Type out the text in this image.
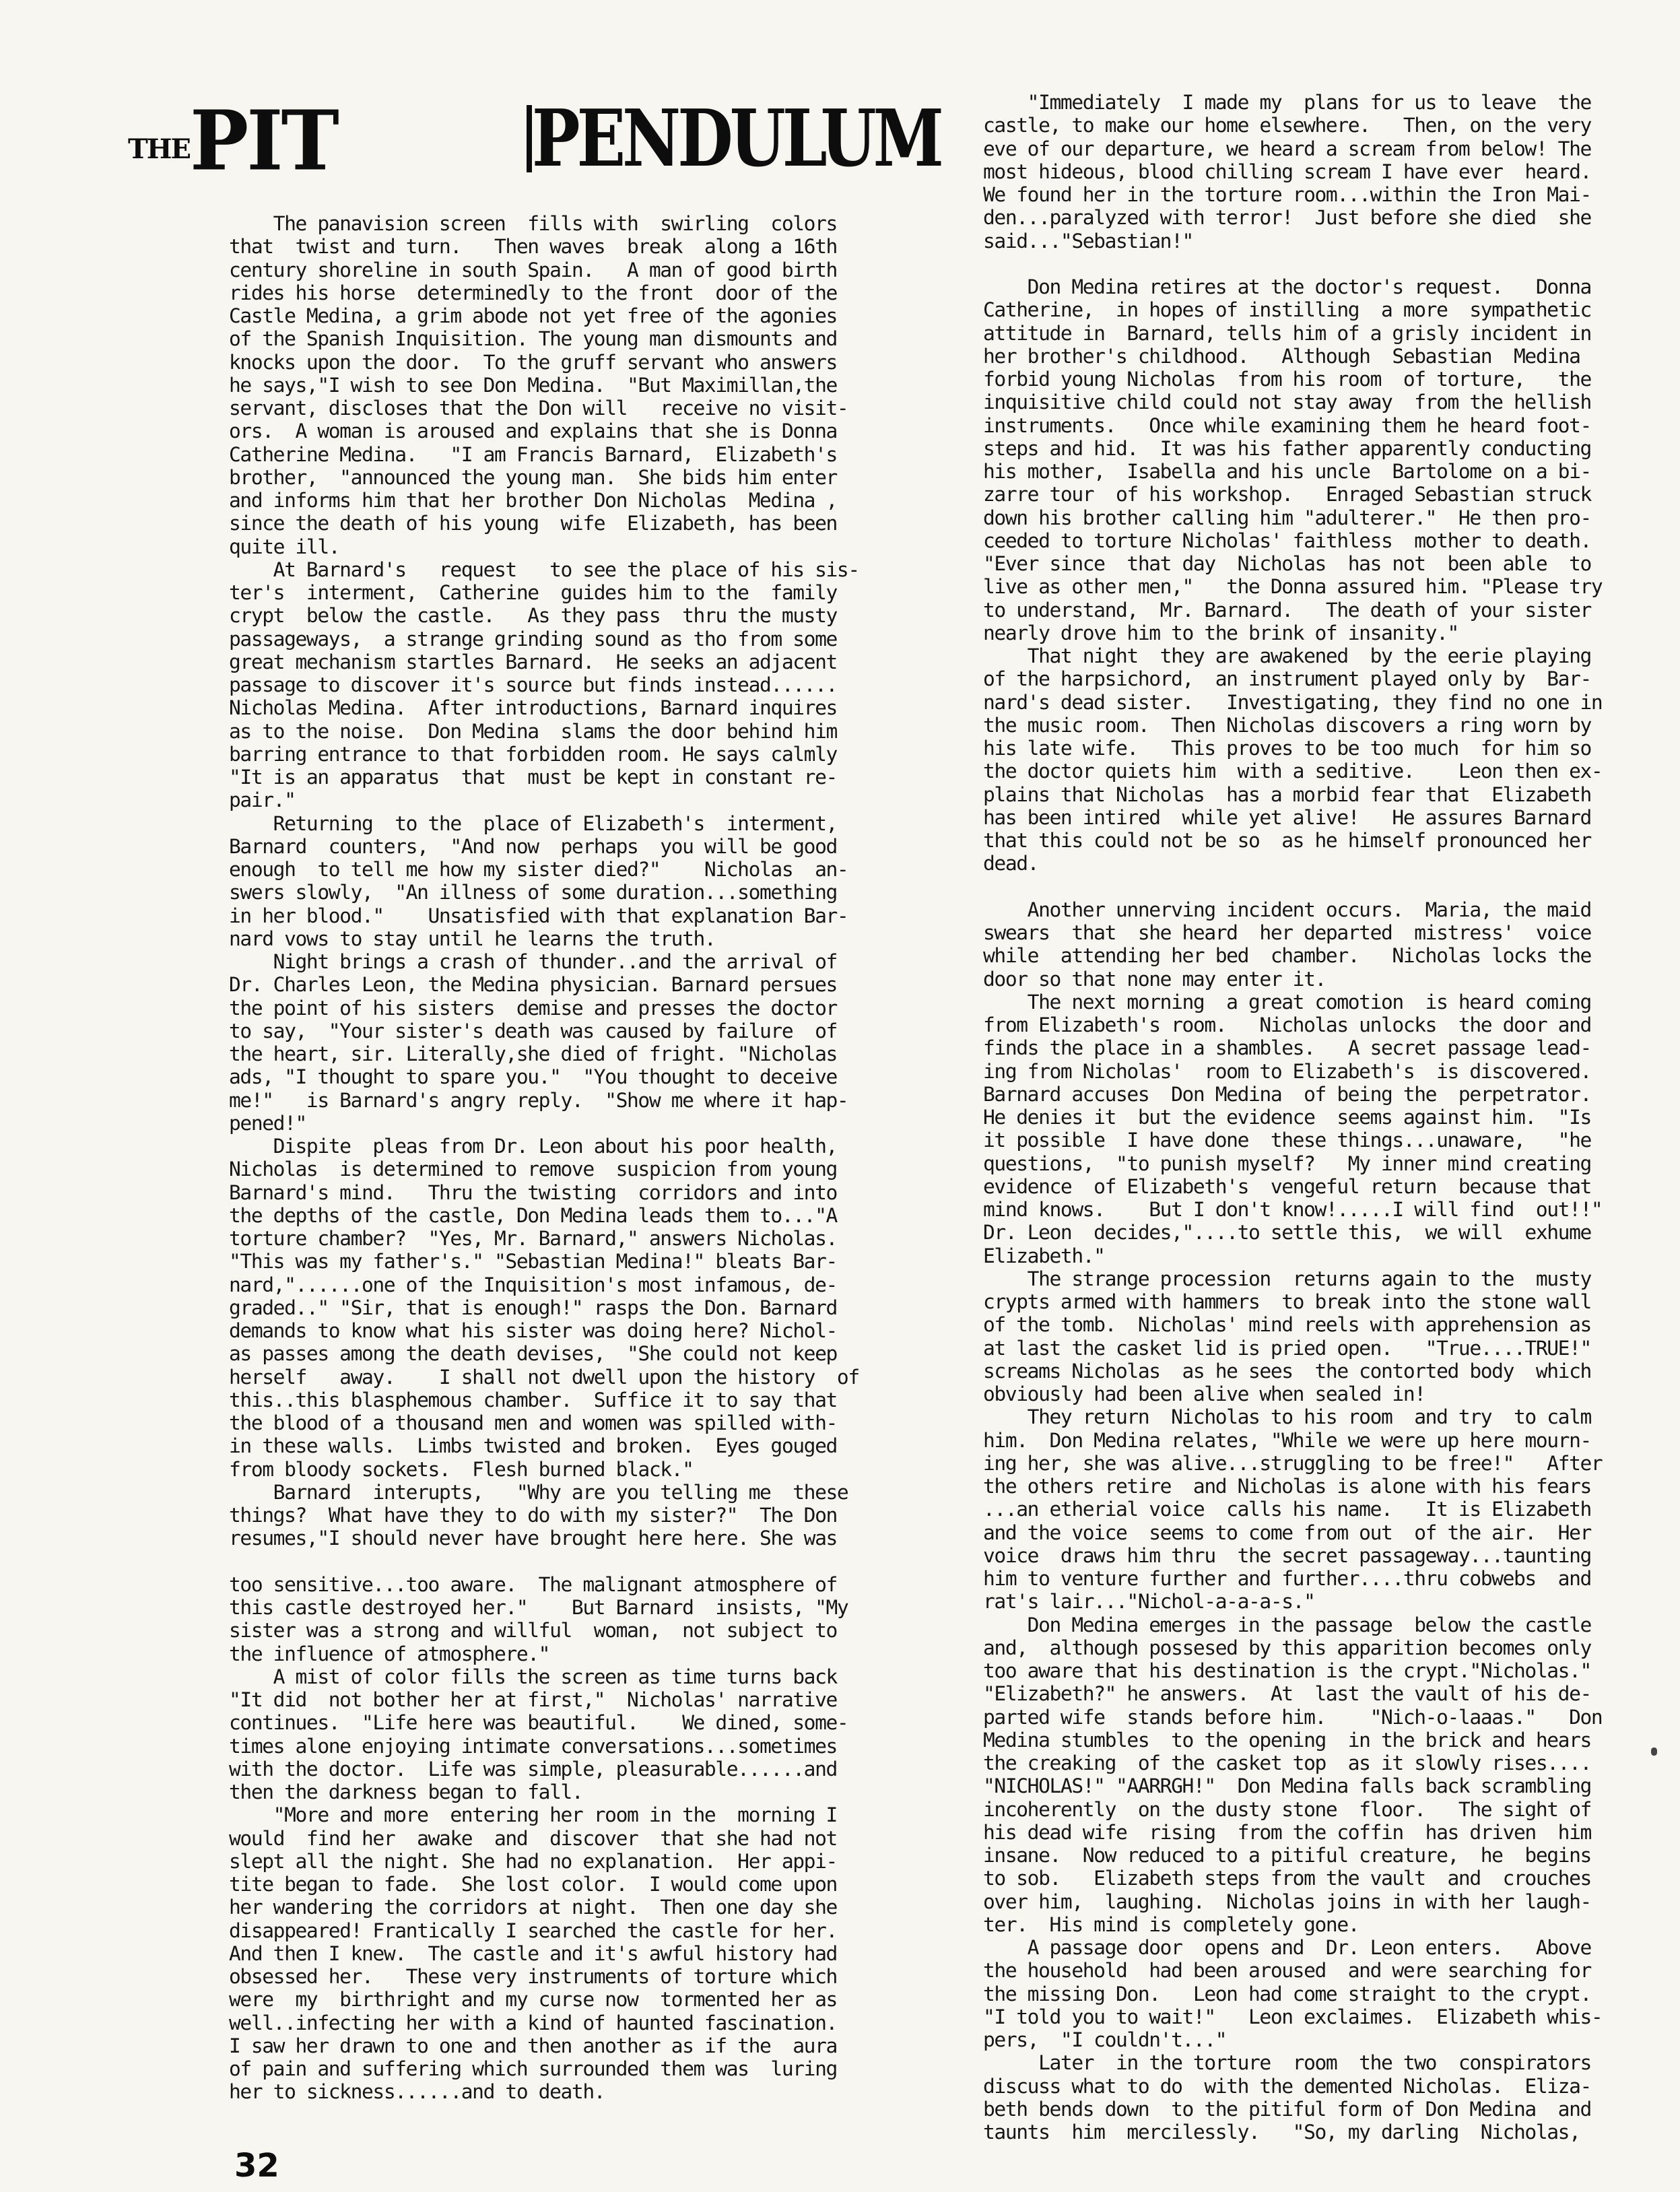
THE PIT PENDULUM
The panavision screen  fills with  swirling  colors
that  twist and turn.   Then waves  break  along a 16th
century shoreline in south Spain.   A man of good birth
rides his horse  determinedly to the front  door of the
Castle Medina, a grim abode not yet free of the agonies
of the Spanish Inquisition. The young man dismounts and
knocks upon the door.  To the gruff servant who answers
he says,"I wish to see Don Medina.  "But Maximillan,the
servant, discloses that the Don will   receive no visit-
ors.  A woman is aroused and explains that she is Donna
Catherine Medina.   "I am Francis Barnard,  Elizabeth's
brother,  "announced the young man.  She bids him enter
and informs him that her brother Don Nicholas  Medina ,
since the death of his young  wife  Elizabeth, has been
quite ill.
At Barnard's   request   to see the place of his sis-
ter's  interment,  Catherine  guides him to the  family
crypt  below the castle.   As they pass  thru the musty
passageways,  a strange grinding sound as tho from some
great mechanism startles Barnard.  He seeks an adjacent
passage to discover it's source but finds instead......
Nicholas Medina.  After introductions, Barnard inquires
as to the noise.  Don Medina  slams the door behind him
barring entrance to that forbidden room. He says calmly
"It is an apparatus  that  must be kept in constant re-
pair."
Returning  to the  place of Elizabeth's  interment,
Barnard  counters,  "And now  perhaps  you will be good
enough  to tell me how my sister died?"    Nicholas  an-
swers slowly,  "An illness of some duration...something
in her blood."    Unsatisfied with that explanation Bar-
nard vows to stay until he learns the truth.
Night brings a crash of thunder..and the arrival of
Dr. Charles Leon, the Medina physician. Barnard persues
the point of his sisters  demise and presses the doctor
to say,  "Your sister's death was caused by failure  of
the heart, sir. Literally,she died of fright. "Nicholas
ads, "I thought to spare you."  "You thought to deceive
me!"   is Barnard's angry reply.  "Show me where it hap-
pened!"
Dispite  pleas from Dr. Leon about his poor health,
Nicholas  is determined to remove  suspicion from young
Barnard's mind.   Thru the twisting  corridors and into
the depths of the castle, Don Medina leads them to..."A
torture chamber?  "Yes, Mr. Barnard," answers Nicholas.
"This was my father's." "Sebastian Medina!" bleats Bar-
nard,"......one of the Inquisition's most infamous, de-
graded.." "Sir, that is enough!" rasps the Don. Barnard
demands to know what his sister was doing here? Nichol-
as passes among the death devises,  "She could not keep
herself   away.    I shall not dwell upon the history  of
this..this blasphemous chamber.  Suffice it to say that
the blood of a thousand men and women was spilled with-
in these walls.  Limbs twisted and broken.  Eyes gouged
from bloody sockets.  Flesh burned black."
Barnard  interupts,   "Why are you telling me  these
things?  What have they to do with my sister?"  The Don
resumes,"I should never have brought here here. She was
too sensitive...too aware.  The malignant atmosphere of
this castle destroyed her."    But Barnard  insists, "My
sister was a strong and willful  woman,  not subject to
the influence of atmosphere."
A mist of color fills the screen as time turns back
"It did  not bother her at first,"  Nicholas' narrative
continues.  "Life here was beautiful.    We dined, some-
times alone enjoying intimate conversations...sometimes
with the doctor.  Life was simple, pleasurable......and
then the darkness began to fall.
"More and more  entering her room in the  morning I
would  find her  awake  and  discover  that she had not
slept all the night. She had no explanation.  Her appi-
tite began to fade.  She lost color.  I would come upon
her wandering the corridors at night.  Then one day she
disappeared! Frantically I searched the castle for her.
And then I knew.  The castle and it's awful history had
obsessed her.   These very instruments of torture which
were  my  birthright and my curse now  tormented her as
well..infecting her with a kind of haunted fascination.
I saw her drawn to one and then another as if the  aura
of pain and suffering which surrounded them was  luring
her to sickness......and to death.
"Immediately  I made my  plans for us to leave  the
castle, to make our home elsewhere.   Then, on the very
eve of our departure, we heard a scream from below! The
most hideous, blood chilling scream I have ever  heard.
We found her in the torture room...within the Iron Mai-
den...paralyzed with terror!  Just before she died  she
said..."Sebastian!"
Don Medina retires at the doctor's request.   Donna
Catherine,  in hopes of instilling  a more  sympathetic
attitude in  Barnard, tells him of a grisly incident in
her brother's childhood.   Although  Sebastian  Medina
forbid young Nicholas  from his room  of torture,   the
inquisitive child could not stay away  from the hellish
instruments.   Once while examining them he heard foot-
steps and hid.  It was his father apparently conducting
his mother,  Isabella and his uncle  Bartolome on a bi-
zarre tour  of his workshop.   Enraged Sebastian struck
down his brother calling him "adulterer."  He then pro-
ceeded to torture Nicholas' faithless  mother to death.
"Ever since  that day  Nicholas  has not  been able  to
live as other men,"   the Donna assured him. "Please try
to understand,  Mr. Barnard.   The death of your sister
nearly drove him to the brink of insanity."
That night  they are awakened  by the eerie playing
of the harpsichord,  an instrument played only by  Bar-
nard's dead sister.   Investigating, they find no one in
the music room.  Then Nicholas discovers a ring worn by
his late wife.   This proves to be too much  for him so
the doctor quiets him  with a seditive.    Leon then ex-
plains that Nicholas  has a morbid fear that  Elizabeth
has been intired  while yet alive!   He assures Barnard
that this could not be so  as he himself pronounced her
dead.
Another unnerving incident occurs.  Maria, the maid
swears  that  she heard  her departed  mistress'  voice
while  attending her bed  chamber.   Nicholas locks the
door so that none may enter it.
The next morning  a great comotion  is heard coming
from Elizabeth's room.   Nicholas unlocks  the door and
finds the place in a shambles.   A secret passage lead-
ing from Nicholas'  room to Elizabeth's  is discovered.
Barnard accuses  Don Medina  of being the  perpetrator.
He denies it  but the evidence  seems against him.  "Is
it possible  I have done  these things...unaware,   "he
questions,  "to punish myself?   My inner mind creating
evidence  of Elizabeth's  vengeful return  because that
mind knows.    But I don't know!.....I will find  out!!"
Dr. Leon  decides,"....to settle this,  we will  exhume
Elizabeth."
The strange procession  returns again to the  musty
crypts armed with hammers  to break into the stone wall
of the tomb.  Nicholas' mind reels with apprehension as
at last the casket lid is pried open.   "True....TRUE!"
screams Nicholas  as he sees  the contorted body  which
obviously had been alive when sealed in!
They return  Nicholas to his room  and try  to calm
him.  Don Medina relates, "While we were up here mourn-
ing her, she was alive...struggling to be free!"   After
the others retire  and Nicholas is alone with his fears
...an etherial voice  calls his name.   It is Elizabeth
and the voice  seems to come from out  of the air.  Her
voice  draws him thru  the secret passageway...taunting
him to venture further and further....thru cobwebs  and
rat's lair..."Nichol-a-a-a-s."
Don Medina emerges in the passage  below the castle
and,  although possesed by this apparition becomes only
too aware that his destination is the crypt."Nicholas."
"Elizabeth?" he answers.  At  last the vault of his de-
parted wife  stands before him.    "Nich-o-laaas."   Don
Medina stumbles  to the opening  in the brick and hears
the creaking  of the casket top  as it slowly rises....
"NICHOLAS!" "AARRGH!"  Don Medina falls back scrambling
incoherently  on the dusty stone  floor.   The sight of
his dead wife  rising  from the coffin  has driven  him
insane.  Now reduced to a pitiful creature,  he  begins
to sob.   Elizabeth steps from the vault  and  crouches
over him,  laughing.  Nicholas joins in with her laugh-
ter.  His mind is completely gone.
A passage door  opens and  Dr. Leon enters.   Above
the household  had been aroused  and were searching for
the missing Don.   Leon had come straight to the crypt.
"I told you to wait!"   Leon exclaimes.  Elizabeth whis-
pers,  "I couldn't..."
Later  in the torture  room  the two  conspirators
discuss what to do  with the demented Nicholas.  Eliza-
beth bends down  to the pitiful form of Don Medina  and
taunts  him  mercilessly.   "So, my darling  Nicholas,
32
